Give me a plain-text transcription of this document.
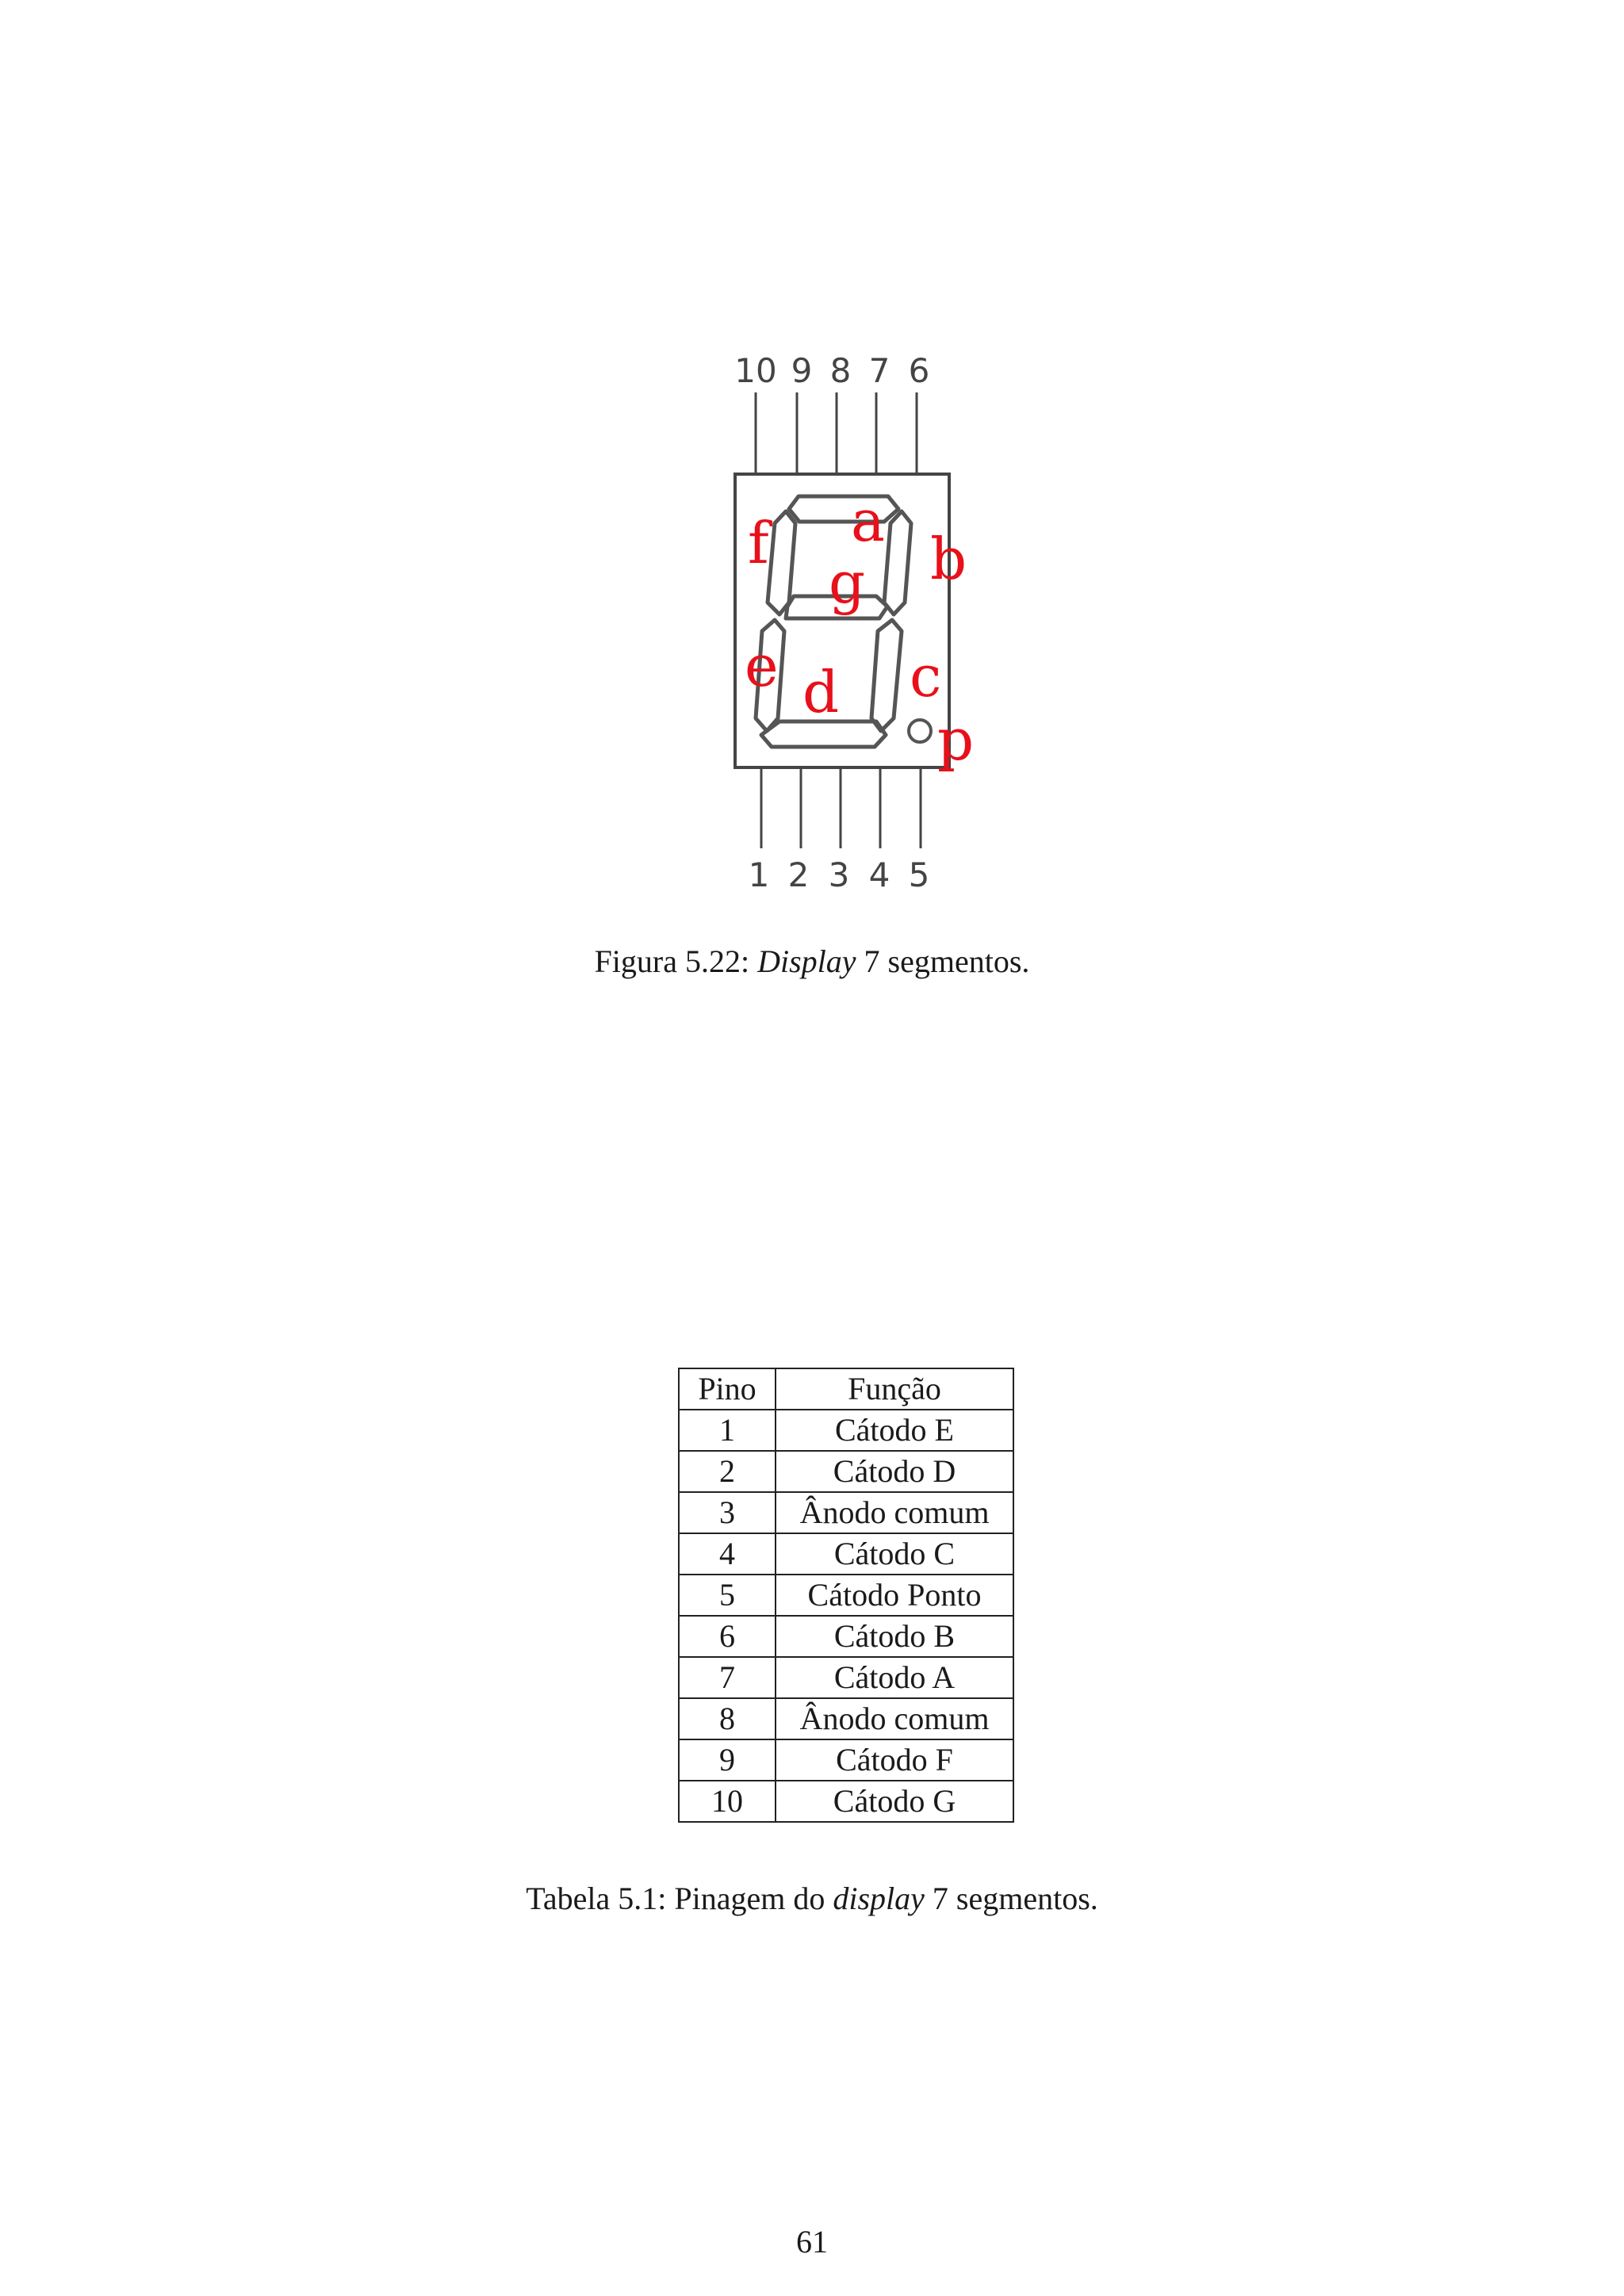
10 9 8 7 6
f a
b
g
e d c
p
1 2 3 4 5
Figura 5.22: Display 7 segmentos.
Pino	Função
1	Cátodo E
2	Cátodo D
3	Ânodo comum
4	Cátodo C
5	Cátodo Ponto
6	Cátodo B
7	Cátodo A
8	Ânodo comum
9	Cátodo F
10	Cátodo G
Tabela 5.1: Pinagem do display 7 segmentos.
61
